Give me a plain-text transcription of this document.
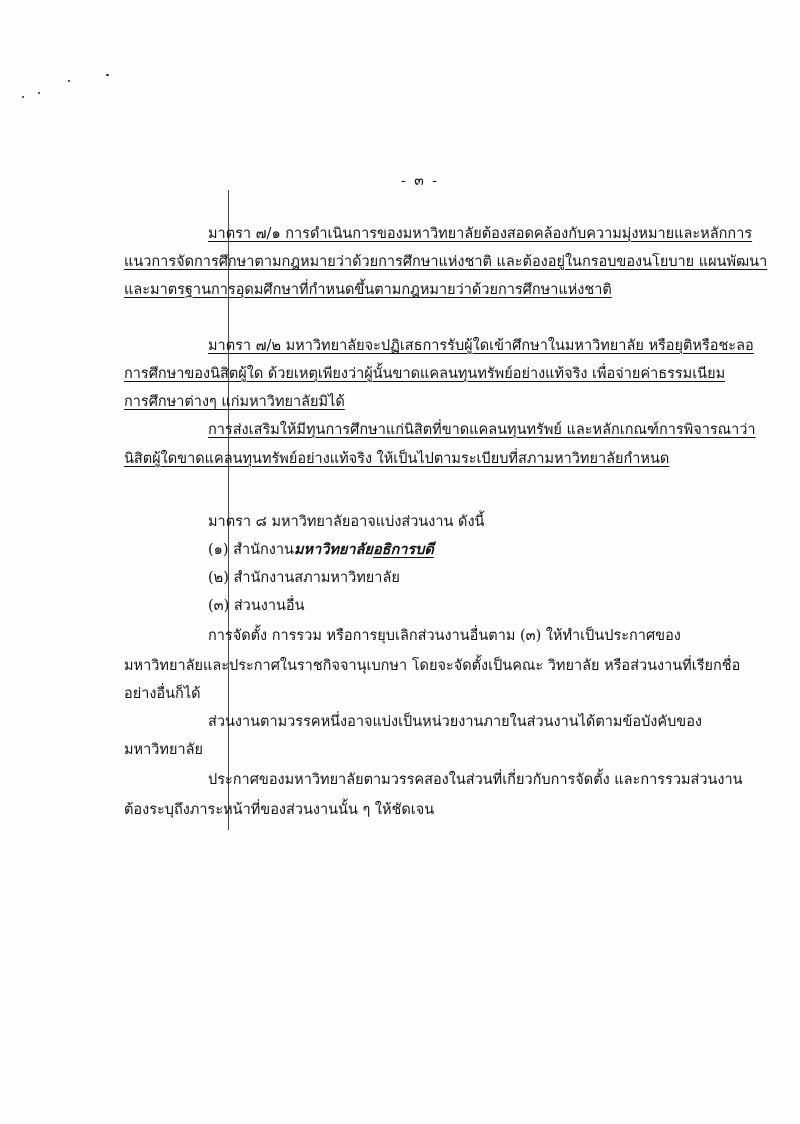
- ๓ -
มาตรา ๗/๑ การดำเนินการของมหาวิทยาลัยต้องสอดคล้องกับความมุ่งหมายและหลักการ
แนวการจัดการศึกษาตามกฎหมายว่าด้วยการศึกษาแห่งชาติ และต้องอยู่ในกรอบของนโยบาย แผนพัฒนา
และมาตรฐานการอุดมศึกษาที่กำหนดขึ้นตามกฎหมายว่าด้วยการศึกษาแห่งชาติ
มาตรา ๗/๒ มหาวิทยาลัยจะปฏิเสธการรับผู้ใดเข้าศึกษาในมหาวิทยาลัย หรือยุติหรือชะลอ
การศึกษาของนิสิตผู้ใด ด้วยเหตุเพียงว่าผู้นั้นขาดแคลนทุนทรัพย์อย่างแท้จริง เพื่อจ่ายค่าธรรมเนียม
การศึกษาต่างๆ แก่มหาวิทยาลัยมิได้
การส่งเสริมให้มีทุนการศึกษาแก่นิสิตที่ขาดแคลนทุนทรัพย์ และหลักเกณฑ์การพิจารณาว่า
นิสิตผู้ใดขาดแคลนทุนทรัพย์อย่างแท้จริง ให้เป็นไปตามระเบียบที่สภามหาวิทยาลัยกำหนด
มาตรา ๘ มหาวิทยาลัยอาจแบ่งส่วนงาน ดังนี้
(๑) สำนักงานมหาวิทยาลัยอธิการบดี
(๒) สำนักงานสภามหาวิทยาลัย
(๓) ส่วนงานอื่น
การจัดตั้ง การรวม หรือการยุบเลิกส่วนงานอื่นตาม (๓) ให้ทำเป็นประกาศของ
มหาวิทยาลัยและประกาศในราชกิจจานุเบกษา โดยจะจัดตั้งเป็นคณะ วิทยาลัย หรือส่วนงานที่เรียกชื่อ
อย่างอื่นก็ได้
ส่วนงานตามวรรคหนึ่งอาจแบ่งเป็นหน่วยงานภายในส่วนงานได้ตามข้อบังคับของ
มหาวิทยาลัย
ประกาศของมหาวิทยาลัยตามวรรคสองในส่วนที่เกี่ยวกับการจัดตั้ง และการรวมส่วนงาน
ต้องระบุถึงภาระหน้าที่ของส่วนงานนั้น ๆ ให้ชัดเจน
